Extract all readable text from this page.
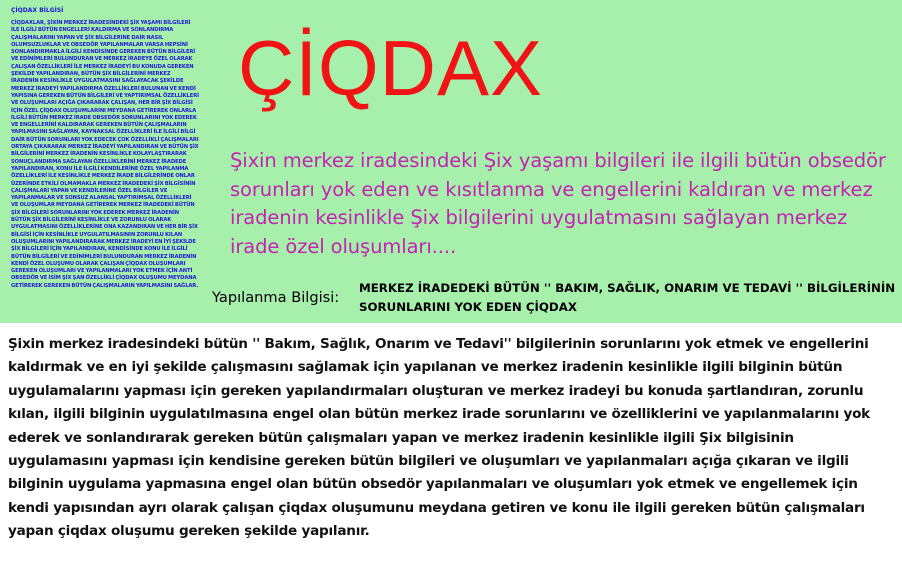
ÇİQDAX BİLGİSİ
ÇİQDAXLAR, ŞİXİN MERKEZ İRADESİNDEKİ ŞİX YAŞAMI BİLGİLERİ İLE İLGİLİ BÜTÜN ENGELLERİ KALDIRMA VE SONLANDIRMA ÇALIŞMALARINI YAPAN VE ŞİX BİLGİLERİNE DAİR NASIL OLUMSUZLUKLAR VE OBSEDÖR YAPILANMALAR VARSA HEPSİNİ SONLANDIRMAKLA İLGİLİ KENDİSİNDE GEREKEN BÜTÜN BİLGİLERİ VE EDİNİMLERİ BULUNDURAN VE MERKEZ İRADEYE ÖZEL OLARAK ÇALIŞAN ÖZELLİKLERİ İLE MERKEZ İRADEYİ BU KONUDA GEREKEN ŞEKİLDE YAPILANDIRAN, BÜTÜN ŞİX BİLGİLERİNİ MERKEZ İRADENİN KESİNLİKLE UYGULATMASINI SAĞLAYACAK ŞEKİLDE MERKEZ İRADEYİ YAPILANDIRMA ÖZELLİKLERİ BULUNAN VE KENDİ YAPISINA GEREKEN BÜTÜN BİLGİLERİ VE YAPTIRIMSAL ÖZELLİKLERİ VE OLUŞUMLARI AÇIĞA ÇIKARARAK ÇALIŞAN, HER BİR ŞİX BİLGİSİ İÇİN ÖZEL ÇİQDAX OLUŞUMLARINI MEYDANA GETİREREK ONLARLA İLGİLİ BÜTÜN MERKEZ İRADE OBSEDÖR SORUNLARINI YOK EDEREK VE ENGELLERİNİ KALDIRARAK GEREKEN BÜTÜN ÇALIŞMALARIN YAPILMASINI SAĞLAYAN, KAYNAKSAL ÖZELLİKLERİ İLE İLGİLİ BİLGİ DAİR BÜTÜN SORUNLARI YOK EDECEK ÇOK ÖZELLİKLİ ÇALIŞMALARI ORTAYA ÇIKARARAK MERKEZ İRADEYİ YAPILANDIRAN VE BÜTÜN ŞİX BİLGİLERİNİ MERKEZ İRADENİN KESİNLİKLE KOLAYLAŞTIRARAK SONUÇLANDIRMA SAĞLAYAN ÖZELLİKLERİNİ MERKEZ İRADEDE YAPILANDIRAN, KONU İLE İLGİLİ KENDİLERİNE ÖZEL YAPILANMA ÖZELLİKLERİ İLE KESİNLİKLE MERKEZ İRADE BİLGİLERİNDE ONLAR ÜZERİNDE ETKİLİ OLMAMAKLA MERKEZ İRADEDEKİ ŞİX BİLGİSİNİN ÇALIŞMALARI YAPAN VE KENDİLERİNE ÖZEL BİLGİLER VE YAPILANMALAR VE SONSUZ ALANSAL YAPTIRIMSAL ÖZELLİKLERİ VE OLUŞUMLAR MEYDANA GETİREREK MERKEZ İRADEDEKİ BÜTÜN ŞİX BİLGİLERİ SORUNLARINI YOK EDEREK MERKEZ İRADENİN BÜTÜN ŞİX BİLGİLERİNİ KESİNLİKLE VE ZORUNLU OLARAK UYGULATMASINI ÖZELLİKLERİNE ONA KAZANDIRAN VE HER BİR ŞİX BİLGİSİ İÇİN KESİNLİKLE UYGULATILMASININ ZORUNLU KILAN OLUŞUMLARINI YAPILANDIRARAK MERKEZ İRADEYİ EN İYİ ŞEKİLDE ŞİX BİLGİLERİ İÇİN YAPILANDIRAN, KENDİSİNDE KONU İLE İLGİLİ BÜTÜN BİLGİLERİ VE EDİNİMLERİ BULUNDURAN MERKEZ İRADENİN KENDİ ÖZEL OLUŞUMU OLARAK ÇALIŞAN ÇİQDAX OLUŞUMLARI GEREKEN OLUŞUMLARI VE YAPILANMALARI YOK ETMEK İÇİN ANTİ OBSEDÖR VE İSİM ŞİX ŞAN ÖZELLİKLİ ÇİQDAX OLUŞUMU MEYDANA GETİREREK GEREKEN BÜTÜN ÇALIŞMALARIN YAPILMASINI SAĞLAR.
ÇİQDAX
Şixin merkez iradesindeki Şix yaşamı bilgileri ile ilgili bütün obsedör sorunları yok eden ve kısıtlanma ve engellerini kaldıran ve merkez iradenin kesinlikle Şix bilgilerini uygulatmasını sağlayan merkez irade özel oluşumları....
Yapılanma Bilgisi:
MERKEZ İRADEDEKİ BÜTÜN '' BAKIM, SAĞLIK, ONARIM VE TEDAVİ '' BİLGİLERİNİN SORUNLARINI YOK EDEN ÇİQDAX
Şixin merkez iradesindeki bütün '' Bakım, Sağlık, Onarım ve Tedavi'' bilgilerinin sorunlarını yok etmek ve engellerini kaldırmak ve en iyi şekilde çalışmasını sağlamak için yapılanan ve merkez iradenin kesinlikle ilgili bilginin bütün uygulamalarını yapması için gereken yapılandırmaları oluşturan ve merkez iradeyi bu konuda şartlandıran, zorunlu kılan, ilgili bilginin uygulatılmasına engel olan bütün merkez irade sorunlarını ve özelliklerini ve yapılanmalarını yok ederek ve sonlandırarak gereken bütün çalışmaları yapan ve merkez iradenin kesinlikle ilgili Şix bilgisinin uygulamasını yapması için kendisine gereken bütün bilgileri ve oluşumları ve yapılanmaları açığa çıkaran ve ilgili bilginin uygulama yapmasına engel olan bütün obsedör yapılanmaları ve oluşumları yok etmek ve engellemek için kendi yapısından ayrı olarak çalışan çiqdax oluşumunu meydana getiren ve konu ile ilgili gereken bütün çalışmaları yapan çiqdax oluşumu gereken şekilde yapılanır.
